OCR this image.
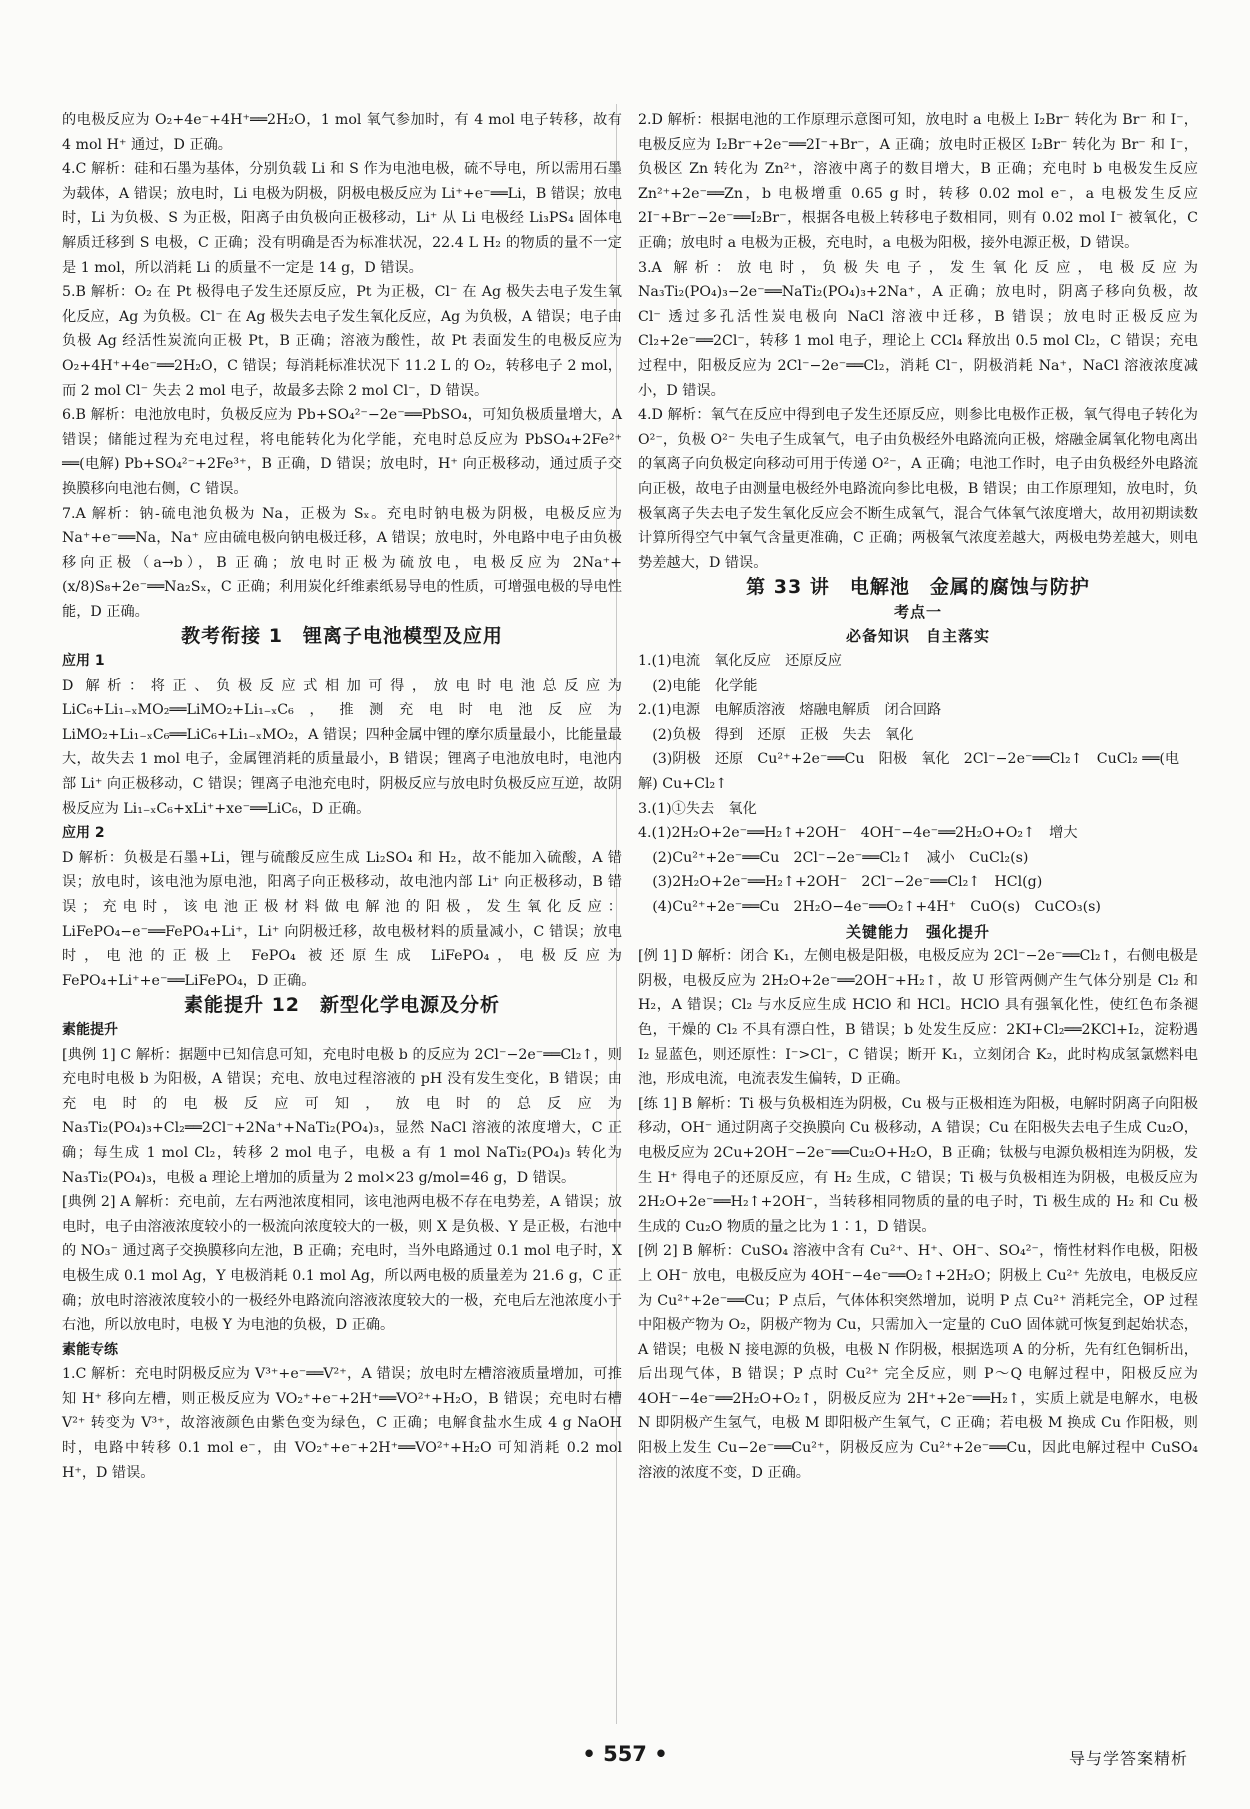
的电极反应为 O₂+4e⁻+4H⁺══2H₂O，1 mol 氧气参加时，有 4 mol 电子转移，故有 4 mol H⁺ 通过，D 正确。

4.C 解析：硅和石墨为基体，分别负载 Li 和 S 作为电池电极，硫不导电，所以需用石墨为载体，A 错误；放电时，Li 电极为阴极，阴极电极反应为 Li⁺+e⁻══Li，B 错误；放电时，Li 为负极、S 为正极，阳离子由负极向正极移动，Li⁺ 从 Li 电极经 Li₃PS₄ 固体电解质迁移到 S 电极，C 正确；没有明确是否为标准状况，22.4 L H₂ 的物质的量不一定是 1 mol，所以消耗 Li 的质量不一定是 14 g，D 错误。

5.B 解析：O₂ 在 Pt 极得电子发生还原反应，Pt 为正极，Cl⁻ 在 Ag 极失去电子发生氧化反应，Ag 为负极。Cl⁻ 在 Ag 极失去电子发生氧化反应，Ag 为负极，A 错误；电子由负极 Ag 经活性炭流向正极 Pt，B 正确；溶液为酸性，故 Pt 表面发生的电极反应为 O₂+4H⁺+4e⁻══2H₂O，C 错误；每消耗标准状况下 11.2 L 的 O₂，转移电子 2 mol，而 2 mol Cl⁻ 失去 2 mol 电子，故最多去除 2 mol Cl⁻，D 错误。

6.B 解析：电池放电时，负极反应为 Pb+SO₄²⁻−2e⁻══PbSO₄，可知负极质量增大，A 错误；储能过程为充电过程，将电能转化为化学能，充电时总反应为 PbSO₄+2Fe²⁺ ══(电解) Pb+SO₄²⁻+2Fe³⁺，B 正确，D 错误；放电时，H⁺ 向正极移动，通过质子交换膜移向电池右侧，C 错误。

7.A 解析：钠-硫电池负极为 Na，正极为 Sₓ。充电时钠电极为阴极，电极反应为 Na⁺+e⁻══Na，Na⁺ 应由硫电极向钠电极迁移，A 错误；放电时，外电路中电子由负极移向正极（a→b），B 正确；放电时正极为硫放电，电极反应为 2Na⁺+(x/8)S₈+2e⁻══Na₂Sₓ，C 正确；利用炭化纤维素纸易导电的性质，可增强电极的导电性能，D 正确。

教考衔接 1　锂离子电池模型及应用

应用 1

D 解析：将正、负极反应式相加可得，放电时电池总反应为 LiC₆+Li₁₋ₓMO₂══LiMO₂+Li₁₋ₓC₆，推测充电时电池反应为 LiMO₂+Li₁₋ₓC₆══LiC₆+Li₁₋ₓMO₂，A 错误；四种金属中锂的摩尔质量最小，比能量最大，故失去 1 mol 电子，金属锂消耗的质量最小，B 错误；锂离子电池放电时，电池内部 Li⁺ 向正极移动，C 错误；锂离子电池充电时，阴极反应与放电时负极反应互逆，故阴极反应为 Li₁₋ₓC₆+xLi⁺+xe⁻══LiC₆，D 正确。

应用 2

D 解析：负极是石墨+Li，锂与硫酸反应生成 Li₂SO₄ 和 H₂，故不能加入硫酸，A 错误；放电时，该电池为原电池，阳离子向正极移动，故电池内部 Li⁺ 向正极移动，B 错误；充电时，该电池正极材料做电解池的阳极，发生氧化反应：LiFePO₄−e⁻══FePO₄+Li⁺，Li⁺ 向阴极迁移，故电极材料的质量减小，C 错误；放电时，电池的正极上 FePO₄ 被还原生成 LiFePO₄，电极反应为 FePO₄+Li⁺+e⁻══LiFePO₄，D 正确。

素能提升 12　新型化学电源及分析

素能提升

[典例 1] C 解析：据题中已知信息可知，充电时电极 b 的反应为 2Cl⁻−2e⁻══Cl₂↑，则充电时电极 b 为阳极，A 错误；充电、放电过程溶液的 pH 没有发生变化，B 错误；由充电时的电极反应可知，放电时的总反应为 Na₃Ti₂(PO₄)₃+Cl₂══2Cl⁻+2Na⁺+NaTi₂(PO₄)₃，显然 NaCl 溶液的浓度增大，C 正确；每生成 1 mol Cl₂，转移 2 mol 电子，电极 a 有 1 mol NaTi₂(PO₄)₃ 转化为 Na₃Ti₂(PO₄)₃，电极 a 理论上增加的质量为 2 mol×23 g/mol=46 g，D 错误。

[典例 2] A 解析：充电前，左右两池浓度相同，该电池两电极不存在电势差，A 错误；放电时，电子由溶液浓度较小的一极流向浓度较大的一极，则 X 是负极、Y 是正极，右池中的 NO₃⁻ 通过离子交换膜移向左池，B 正确；充电时，当外电路通过 0.1 mol 电子时，X 电极生成 0.1 mol Ag，Y 电极消耗 0.1 mol Ag，所以两电极的质量差为 21.6 g，C 正确；放电时溶液浓度较小的一极经外电路流向溶液浓度较大的一极，充电后左池浓度小于右池，所以放电时，电极 Y 为电池的负极，D 正确。

素能专练

1.C 解析：充电时阴极反应为 V³⁺+e⁻══V²⁺，A 错误；放电时左槽溶液质量增加，可推知 H⁺ 移向左槽，则正极反应为 VO₂⁺+e⁻+2H⁺══VO²⁺+H₂O，B 错误；充电时右槽 V²⁺ 转变为 V³⁺，故溶液颜色由紫色变为绿色，C 正确；电解食盐水生成 4 g NaOH 时，电路中转移 0.1 mol e⁻，由 VO₂⁺+e⁻+2H⁺══VO²⁺+H₂O 可知消耗 0.2 mol H⁺，D 错误。

2.D 解析：根据电池的工作原理示意图可知，放电时 a 电极上 I₂Br⁻ 转化为 Br⁻ 和 I⁻，电极反应为 I₂Br⁻+2e⁻══2I⁻+Br⁻，A 正确；放电时正极区 I₂Br⁻ 转化为 Br⁻ 和 I⁻，负极区 Zn 转化为 Zn²⁺，溶液中离子的数目增大，B 正确；充电时 b 电极发生反应 Zn²⁺+2e⁻══Zn，b 电极增重 0.65 g 时，转移 0.02 mol e⁻，a 电极发生反应 2I⁻+Br⁻−2e⁻══I₂Br⁻，根据各电极上转移电子数相同，则有 0.02 mol I⁻ 被氧化，C 正确；放电时 a 电极为正极，充电时，a 电极为阳极，接外电源正极，D 错误。

3.A 解析：放电时，负极失电子，发生氧化反应，电极反应为 Na₃Ti₂(PO₄)₃−2e⁻══NaTi₂(PO₄)₃+2Na⁺，A 正确；放电时，阴离子移向负极，故 Cl⁻ 透过多孔活性炭电极向 NaCl 溶液中迁移，B 错误；放电时正极反应为 Cl₂+2e⁻══2Cl⁻，转移 1 mol 电子，理论上 CCl₄ 释放出 0.5 mol Cl₂，C 错误；充电过程中，阳极反应为 2Cl⁻−2e⁻══Cl₂，消耗 Cl⁻，阴极消耗 Na⁺，NaCl 溶液浓度减小，D 错误。

4.D 解析：氧气在反应中得到电子发生还原反应，则参比电极作正极，氧气得电子转化为 O²⁻，负极 O²⁻ 失电子生成氧气，电子由负极经外电路流向正极，熔融金属氧化物电离出的氧离子向负极定向移动可用于传递 O²⁻，A 正确；电池工作时，电子由负极经外电路流向正极，故电子由测量电极经外电路流向参比电极，B 错误；由工作原理知，放电时，负极氧离子失去电子发生氧化反应会不断生成氧气，混合气体氧气浓度增大，故用初期读数计算所得空气中氧气含量更准确，C 正确；两极氧气浓度差越大，两极电势差越大，则电势差越大，D 错误。

第 33 讲　电解池　金属的腐蚀与防护

考点一

必备知识　自主落实

1.(1)电流　氧化反应　还原反应

　(2)电能　化学能

2.(1)电源　电解质溶液　熔融电解质　闭合回路

　(2)负极　得到　还原　正极　失去　氧化

　(3)阴极　还原　Cu²⁺+2e⁻══Cu　阳极　氧化　2Cl⁻−2e⁻══Cl₂↑　CuCl₂ ══(电解) Cu+Cl₂↑

3.(1)①失去　氧化

4.(1)2H₂O+2e⁻══H₂↑+2OH⁻　4OH⁻−4e⁻══2H₂O+O₂↑　增大

　(2)Cu²⁺+2e⁻══Cu　2Cl⁻−2e⁻══Cl₂↑　减小　CuCl₂(s)

　(3)2H₂O+2e⁻══H₂↑+2OH⁻　2Cl⁻−2e⁻══Cl₂↑　HCl(g)

　(4)Cu²⁺+2e⁻══Cu　2H₂O−4e⁻══O₂↑+4H⁺　CuO(s)　CuCO₃(s)

关键能力　强化提升

[例 1] D 解析：闭合 K₁，左侧电极是阳极，电极反应为 2Cl⁻−2e⁻══Cl₂↑，右侧电极是阴极，电极反应为 2H₂O+2e⁻══2OH⁻+H₂↑，故 U 形管两侧产生气体分别是 Cl₂ 和 H₂，A 错误；Cl₂ 与水反应生成 HClO 和 HCl。HClO 具有强氧化性，使红色布条褪色，干燥的 Cl₂ 不具有漂白性，B 错误；b 处发生反应：2KI+Cl₂══2KCl+I₂，淀粉遇 I₂ 显蓝色，则还原性：I⁻>Cl⁻，C 错误；断开 K₁，立刻闭合 K₂，此时构成氢氯燃料电池，形成电流，电流表发生偏转，D 正确。

[练 1] B 解析：Ti 极与负极相连为阴极，Cu 极与正极相连为阳极，电解时阴离子向阳极移动，OH⁻ 通过阴离子交换膜向 Cu 极移动，A 错误；Cu 在阳极失去电子生成 Cu₂O，电极反应为 2Cu+2OH⁻−2e⁻══Cu₂O+H₂O，B 正确；钛极与电源负极相连为阴极，发生 H⁺ 得电子的还原反应，有 H₂ 生成，C 错误；Ti 极与负极相连为阴极，电极反应为 2H₂O+2e⁻══H₂↑+2OH⁻，当转移相同物质的量的电子时，Ti 极生成的 H₂ 和 Cu 极生成的 Cu₂O 物质的量之比为 1∶1，D 错误。

[例 2] B 解析：CuSO₄ 溶液中含有 Cu²⁺、H⁺、OH⁻、SO₄²⁻，惰性材料作电极，阳极上 OH⁻ 放电，电极反应为 4OH⁻−4e⁻══O₂↑+2H₂O；阴极上 Cu²⁺ 先放电，电极反应为 Cu²⁺+2e⁻══Cu；P 点后，气体体积突然增加，说明 P 点 Cu²⁺ 消耗完全，OP 过程中阳极产物为 O₂，阴极产物为 Cu，只需加入一定量的 CuO 固体就可恢复到起始状态，A 错误；电极 N 接电源的负极，电极 N 作阴极，根据选项 A 的分析，先有红色铜析出，后出现气体，B 错误；P 点时 Cu²⁺ 完全反应，则 P～Q 电解过程中，阳极反应为 4OH⁻−4e⁻══2H₂O+O₂↑，阴极反应为 2H⁺+2e⁻══H₂↑，实质上就是电解水，电极 N 即阴极产生氢气，电极 M 即阳极产生氧气，C 正确；若电极 M 换成 Cu 作阳极，则阳极上发生 Cu−2e⁻══Cu²⁺，阴极反应为 Cu²⁺+2e⁻══Cu，因此电解过程中 CuSO₄ 溶液的浓度不变，D 正确。

• 557 •	导与学答案精析
